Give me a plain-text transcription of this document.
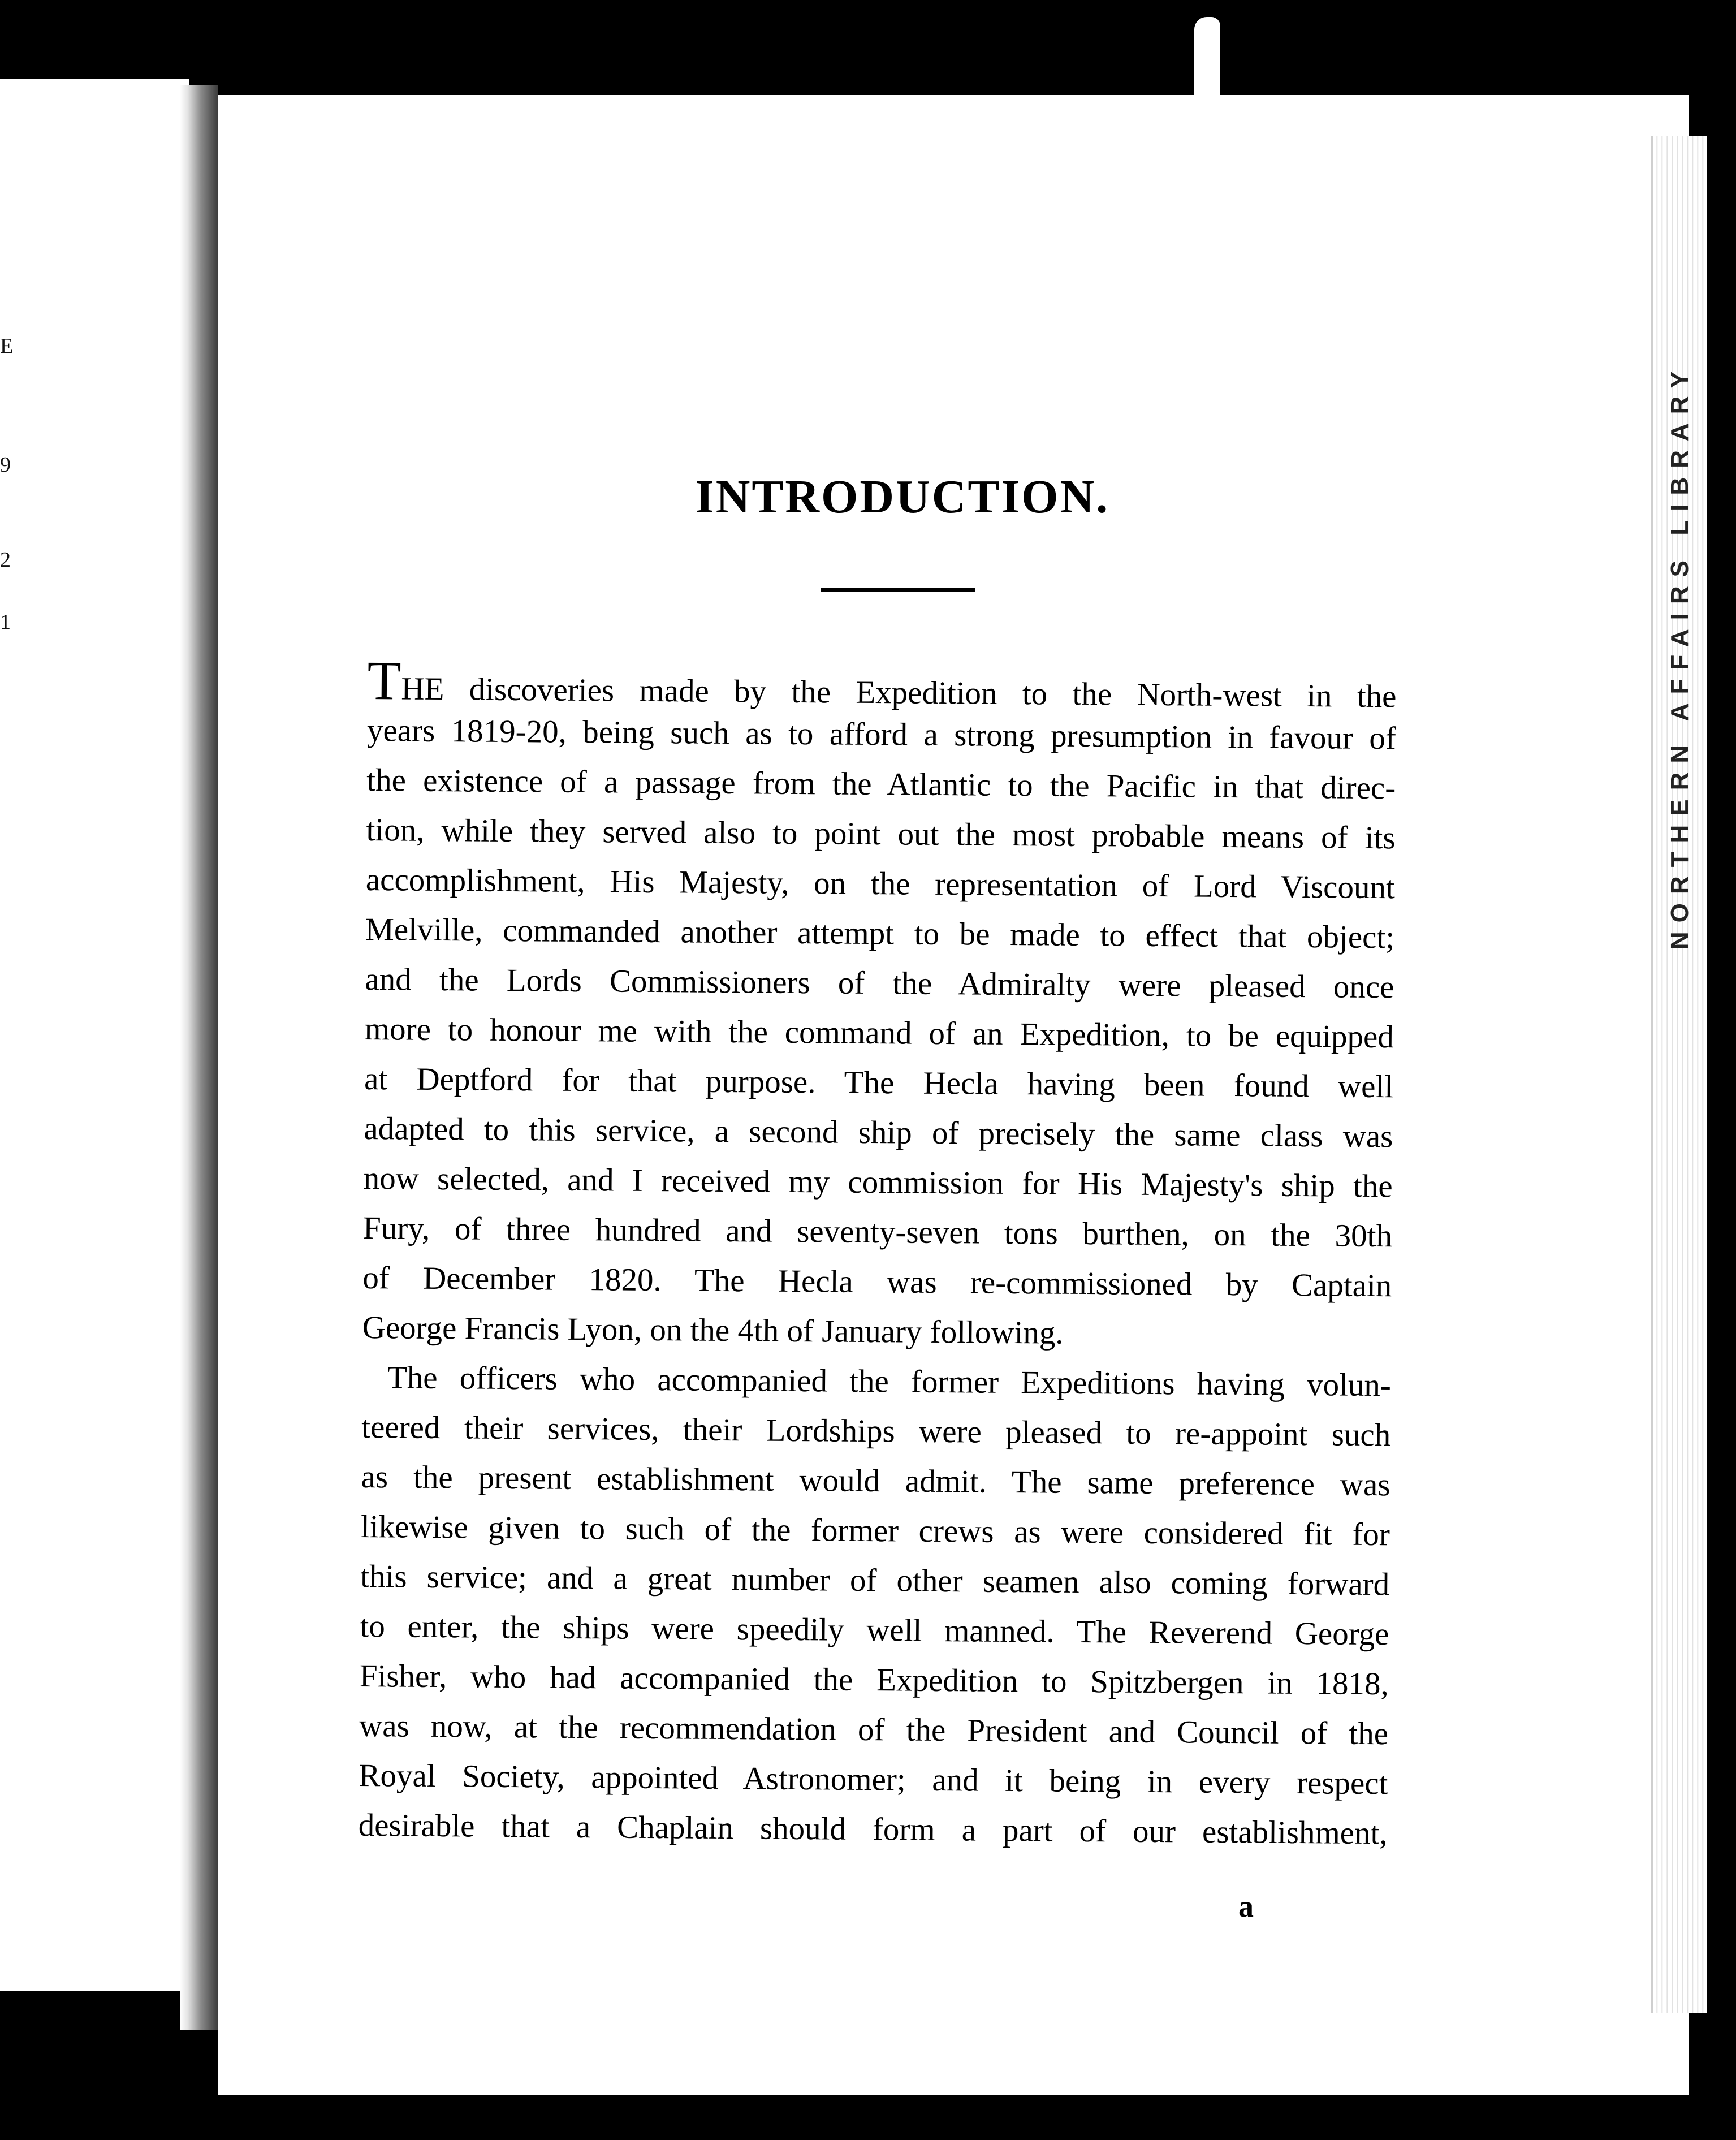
E
9
2
1	NORTHERN AFFAIRS LIBRARY
INTRODUCTION.
THE discoveries made by the Expedition to the North-west in the
years 1819-20, being such as to afford a strong presumption in favour of
the existence of a passage from the Atlantic to the Pacific in that direc-
tion, while they served also to point out the most probable means of its
accomplishment, His Majesty, on the representation of Lord Viscount
Melville, commanded another attempt to be made to effect that object;
and the Lords Commissioners of the Admiralty were pleased once
more to honour me with the command of an Expedition, to be equipped
at Deptford for that purpose. The Hecla having been found well
adapted to this service, a second ship of precisely the same class was
now selected, and I received my commission for His Majesty's ship the
Fury, of three hundred and seventy-seven tons burthen, on the 30th
of December 1820. The Hecla was re-commissioned by Captain
George Francis Lyon, on the 4th of January following.
The officers who accompanied the former Expeditions having volun-
teered their services, their Lordships were pleased to re-appoint such
as the present establishment would admit. The same preference was
likewise given to such of the former crews as were considered fit for
this service; and a great number of other seamen also coming forward
to enter, the ships were speedily well manned. The Reverend George
Fisher, who had accompanied the Expedition to Spitzbergen in 1818,
was now, at the recommendation of the President and Council of the
Royal Society, appointed Astronomer; and it being in every respect
desirable that a Chaplain should form a part of our establishment,
a
